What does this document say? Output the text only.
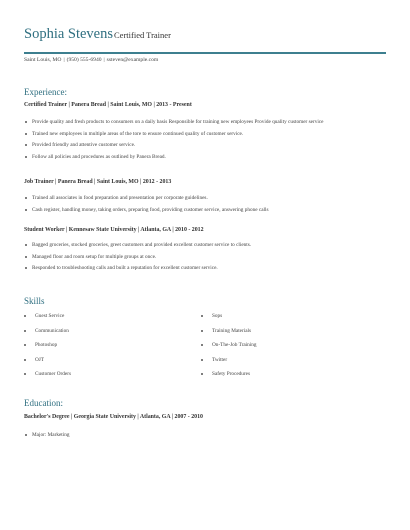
Sophia Stevens Certified Trainer
Saint Louis, MO | (950) 555-6940 | ssteven@example.com
Experience:
Certified Trainer | Panera Bread | Saint Louis, MO | 2013 - Present
Provide quality and fresh products to consumers on a daily basis Responsible for training new employees Provide quality customer service
Trained new employees in multiple areas of the tore to ensure continued quality of customer service.
Provided friendly and attentive customer service.
Follow all policies and procedures as outlined by Panera Bread.
Job Trainer | Panera Bread | Saint Louis, MO | 2012 - 2013
Trained all associates in food preparation and presentation per corporate guidelines.
Cash register, handling money, taking orders, preparing food, providing customer service, answering phone calls
Student Worker | Kennesaw State University | Atlanta, GA | 2010 - 2012
Bagged groceries, stocked groceries, greet customers and provided excellent customer service to clients.
Managed floor and room setup for multiple groups at once.
Responded to troubleshooting calls and built a reputation for excellent customer service.
Skills
Guest Service
Communication
Photoshop
OJT
Customer Orders
Sops
Training Materials
On-The-Job Training
Twitter
Safety Procedures
Education:
Bachelor's Degree | Georgia State University | Atlanta, GA | 2007 - 2010
Major: Marketing
